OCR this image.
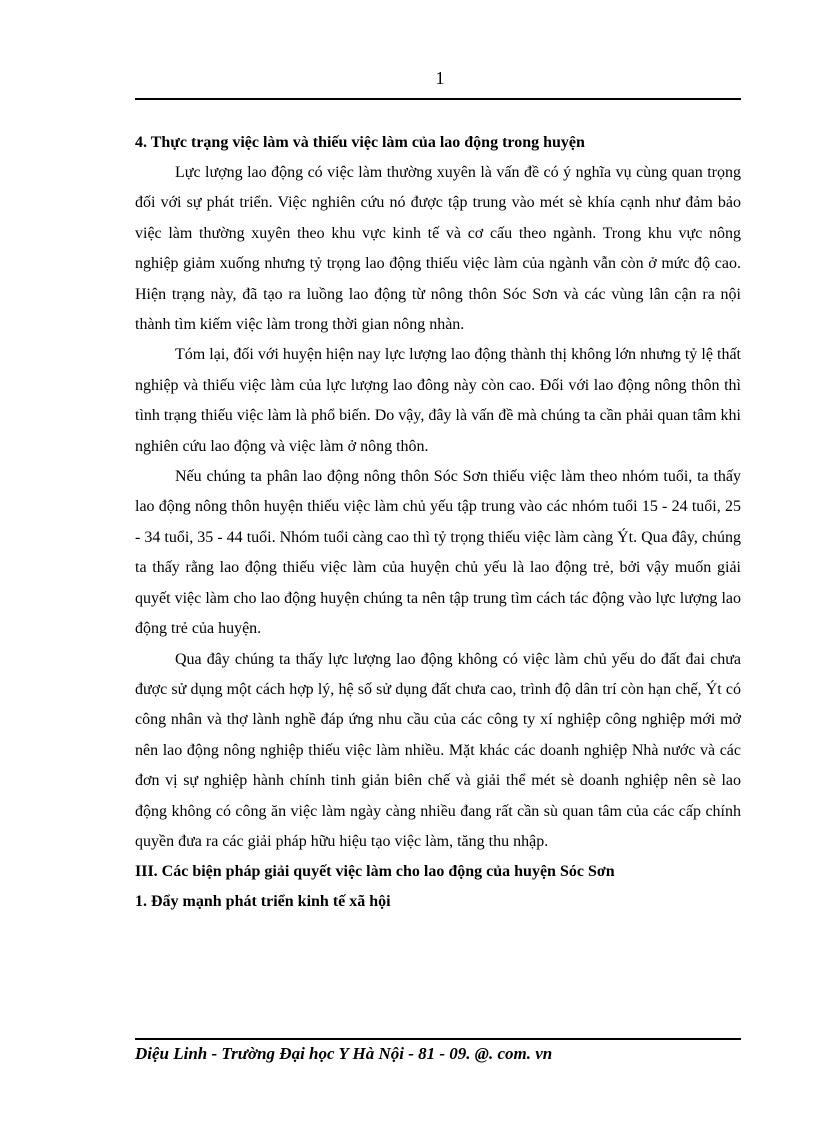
1

4. Thực trạng việc làm và thiếu việc làm của lao động trong huyện

Lực lượng lao động có việc làm thường xuyên là vấn đề có ý nghĩa vụ cùng quan trọng đối với sự phát triển. Việc nghiên cứu nó được tập trung vào mét sè khía cạnh như đảm bảo việc làm thường xuyên theo khu vực kinh tế và cơ cấu theo ngành. Trong khu vực nông nghiệp giảm xuống nhưng tỷ trọng lao động thiếu việc làm của ngành vẫn còn ở mức độ cao. Hiện trạng này, đã tạo ra luồng lao động từ nông thôn Sóc Sơn và các vùng lân cận ra nội thành tìm kiếm việc làm trong thời gian nông nhàn.

Tóm lại, đối với huyện hiện nay lực lượng lao động thành thị không lớn nhưng tỷ lệ thất nghiệp và thiếu việc làm của lực lượng lao đông này còn cao. Đối với lao động nông thôn thì tình trạng thiếu việc làm là phổ biến. Do vậy, đây là vấn đề mà chúng ta cần phải quan tâm khi nghiên cứu lao động và việc làm ở nông thôn.

Nếu chúng ta phân lao động nông thôn Sóc Sơn thiếu việc làm theo nhóm tuổi, ta thấy lao động nông thôn huyện thiếu việc làm chủ yếu tập trung vào các nhóm tuổi 15 - 24 tuổi, 25 - 34 tuổi, 35 - 44 tuổi. Nhóm tuổi càng cao thì tỷ trọng thiếu việc làm càng Ýt. Qua đây, chúng ta thấy rằng lao động thiếu việc làm của huyện chủ yếu là lao động trẻ, bởi vậy muốn giải quyết việc làm cho lao động huyện chúng ta nên tập trung tìm cách tác động vào lực lượng lao động trẻ của huyện.

Qua đây chúng ta thấy lực lượng lao động không có việc làm chủ yếu do đất đai chưa được sử dụng một cách hợp lý, hệ số sử dụng đất chưa cao, trình độ dân trí còn hạn chế, Ýt có công nhân và thợ lành nghề đáp ứng nhu cầu của các công ty xí nghiệp công nghiệp mới mở nên lao động nông nghiệp thiếu việc làm nhiều. Mặt khác các doanh nghiệp Nhà nước và các đơn vị sự nghiệp hành chính tinh giản biên chế và giải thể mét sè doanh nghiệp nên sè lao động không có công ăn việc làm ngày càng nhiều đang rất cần sù quan tâm của các cấp chính quyền đưa ra các giải pháp hữu hiệu tạo việc làm, tăng thu nhập.

III. Các biện pháp giải quyết việc làm cho lao động của huyện Sóc Sơn

1. Đẩy mạnh phát triển kinh tế xã hội

Diệu Linh - Trường Đại học Y Hà Nội - 81 - 09. @. com. vn
